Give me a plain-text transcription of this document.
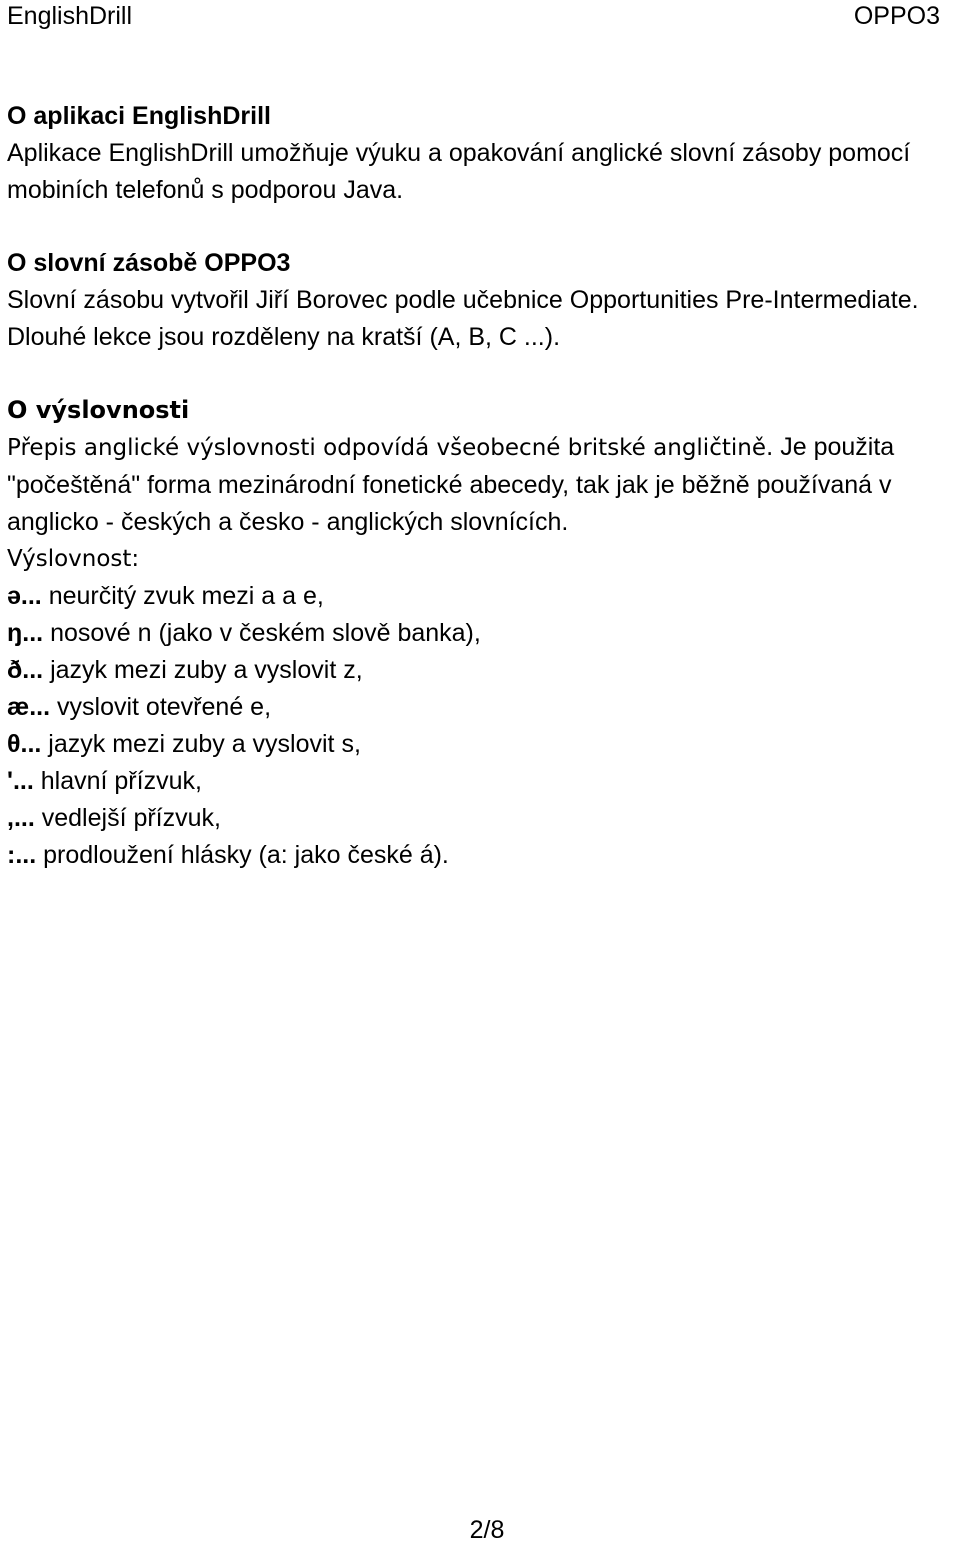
EnglishDrill	OPPO3
O aplikaci EnglishDrill
Aplikace EnglishDrill umožňuje výuku a opakování anglické slovní zásoby pomocí mobiních telefonů s podporou Java.
O slovní zásobě OPPO3
Slovní zásobu vytvořil Jiří Borovec podle učebnice Opportunities Pre-Intermediate. Dlouhé lekce jsou rozděleny na kratší (A, B, C ...).
O výslovnosti
Přepis anglické výslovnosti odpovídá všeobecné britské angličtině. Je použita "počeštěná" forma mezinárodní fonetické abecedy, tak jak je běžně používaná v anglicko - českých a česko - anglických slovnících.
Výslovnost:
ə... neurčitý zvuk mezi a a e,
ŋ... nosové n (jako v českém slově banka),
ð... jazyk mezi zuby a vyslovit z,
æ... vyslovit otevřené e,
θ... jazyk mezi zuby a vyslovit s,
'... hlavní přízvuk,
,... vedlejší přízvuk,
:... prodloužení hlásky (a: jako české á).
2/8
